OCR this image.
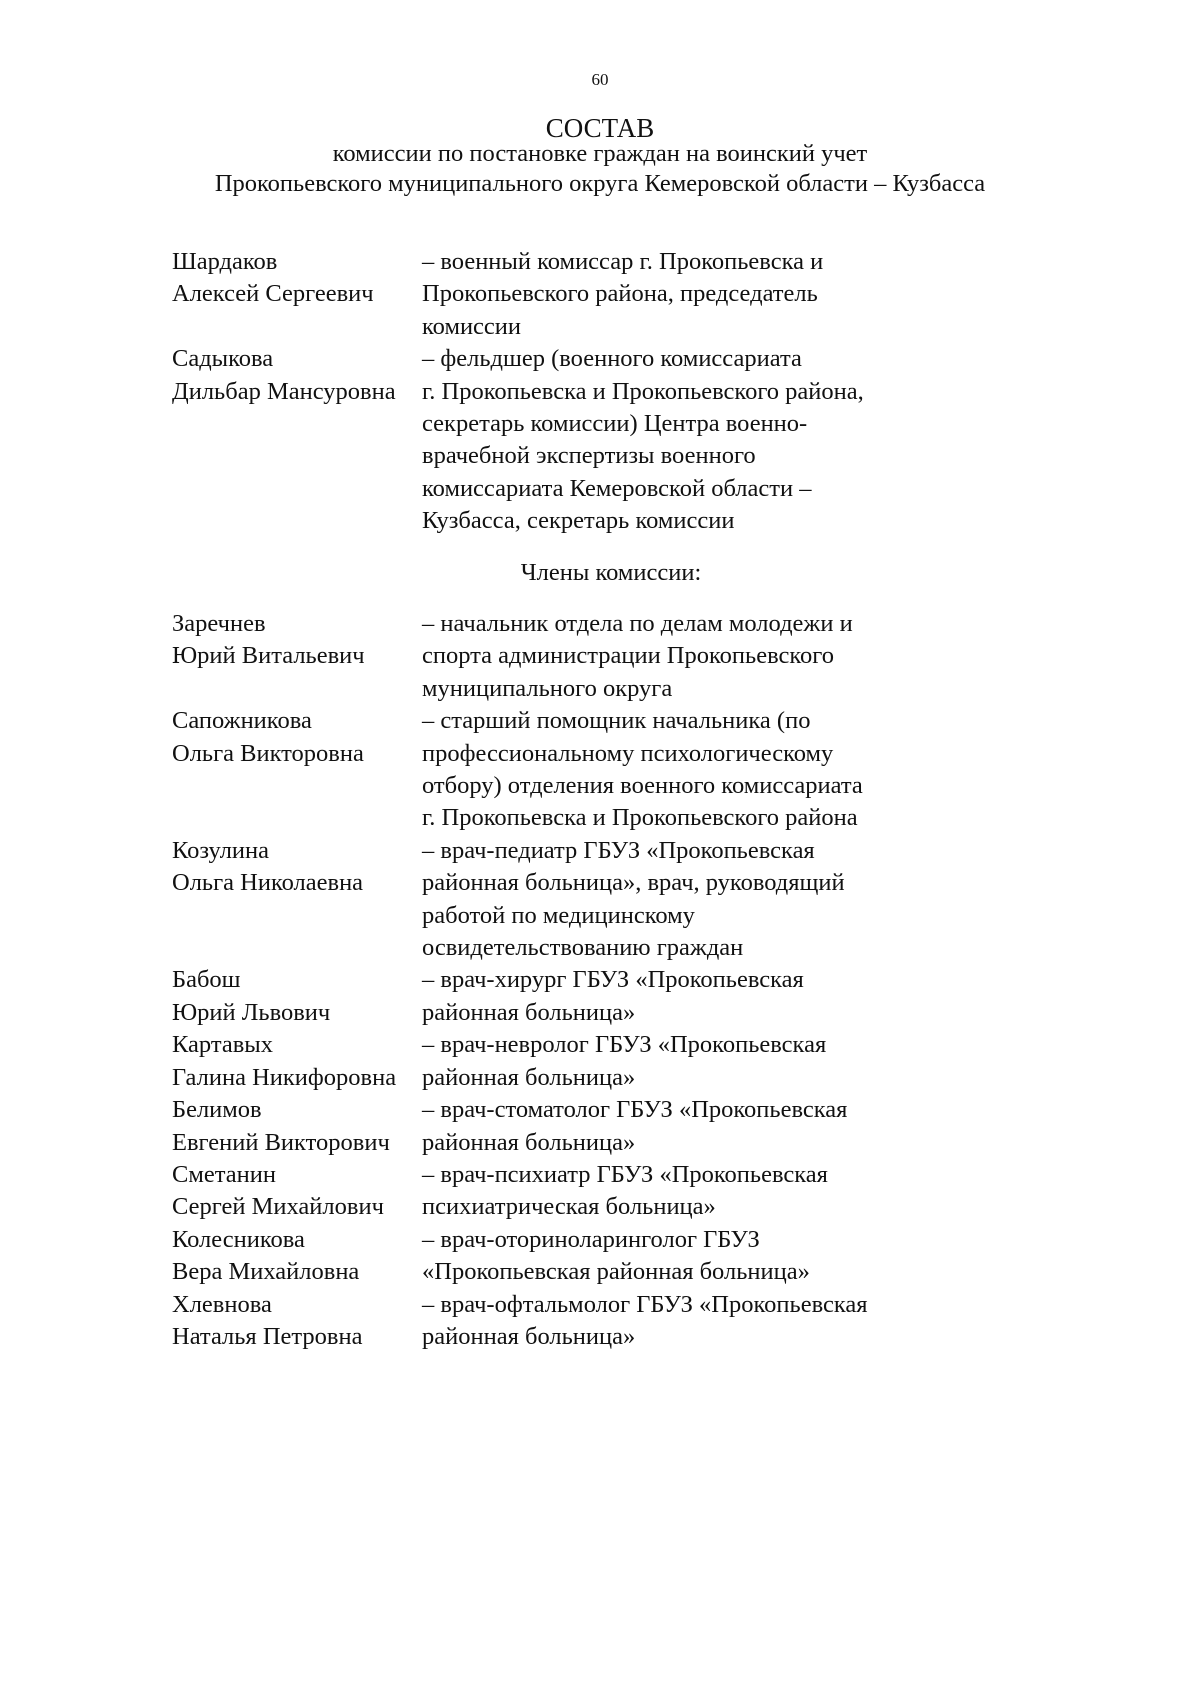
60
СОСТАВ
комиссии по постановке граждан на воинский учет
Прокопьевского муниципального округа Кемеровской области – Кузбасса
Шардаков
Алексей Сергеевич
– военный комиссар г. Прокопьевска и
Прокопьевского района, председатель
комиссии
Садыкова
Дильбар Мансуровна
– фельдшер (военного комиссариата
г. Прокопьевска и Прокопьевского района,
секретарь комиссии) Центра военно-
врачебной экспертизы военного
комиссариата Кемеровской области –
Кузбасса, секретарь комиссии
Члены комиссии:
Заречнев
Юрий Витальевич
– начальник отдела по делам молодежи и
спорта администрации Прокопьевского
муниципального округа
Сапожникова
Ольга Викторовна
– старший помощник начальника (по
профессиональному психологическому
отбору) отделения военного комиссариата
г. Прокопьевска и Прокопьевского района
Козулина
Ольга Николаевна
– врач-педиатр ГБУЗ «Прокопьевская
районная больница», врач, руководящий
работой по медицинскому
освидетельствованию граждан
Бабош
Юрий Львович
– врач-хирург ГБУЗ «Прокопьевская
районная больница»
Картавых
Галина Никифоровна
– врач-невролог ГБУЗ «Прокопьевская
районная больница»
Белимов
Евгений Викторович
– врач-стоматолог ГБУЗ «Прокопьевская
районная больница»
Сметанин
Сергей Михайлович
– врач-психиатр ГБУЗ «Прокопьевская
психиатрическая больница»
Колесникова
Вера Михайловна
– врач-оториноларинголог ГБУЗ
«Прокопьевская районная больница»
Хлевнова
Наталья Петровна
– врач-офтальмолог ГБУЗ «Прокопьевская
районная больница»
